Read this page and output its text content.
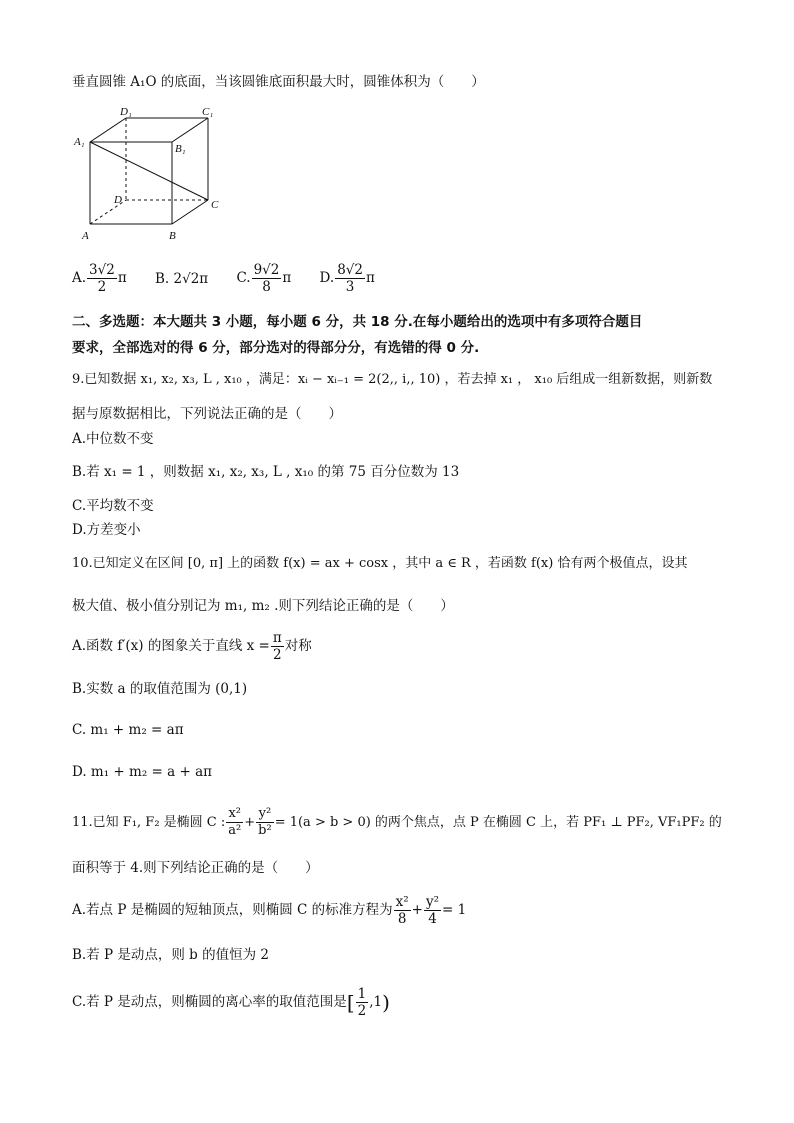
垂直圆锥 A₁O 的底面，当该圆锥底面积最大时，圆锥体积为（　　）
D₁	C₁
A₁
B₁
D	C
A	B
A. $\frac{3√2}{2}$ π B. 2√2π C. $\frac{9√2}{8}$ π D. $\frac{8√2}{3}$ π
二、多选题：本大题共 3 小题，每小题 6 分，共 18 分.在每小题给出的选项中有多项符合题目
要求，全部选对的得 6 分，部分选对的得部分分，有选错的得 0 分.
9.已知数据 x₁, x₂, x₃, L , x₁₀ ，满足：xᵢ − xᵢ₋₁ = 2(2,, i,, 10) ，若去掉 x₁ ， x₁₀ 后组成一组新数据，则新数
据与原数据相比，下列说法正确的是（　　）
A.中位数不变
B.若 x₁ = 1 ，则数据 x₁, x₂, x₃, L , x₁₀ 的第 75 百分位数为 13
C.平均数不变
D.方差变小
10.已知定义在区间 [0, π] 上的函数 f(x) = ax + cosx ，其中 a ∈ R ，若函数 f(x) 恰有两个极值点，设其
极大值、极小值分别记为 m₁, m₂ .则下列结论正确的是（　　）
A.函数 f′(x) 的图象关于直线 $x = \frac{\pi}{2}$ 对称
B.实数 a 的取值范围为 (0,1)
C. m₁ + m₂ = aπ
D. m₁ + m₂ = a + aπ
11.已知 F₁, F₂ 是椭圆 C : $\frac{\text{x²}}{\text{a²}} + \frac{\text{y²}}{\text{b²}} = 1(a > b > 0)$ 的两个焦点，点 P 在椭圆 C 上，若 PF₁ ⊥ PF₂, VF₁PF₂ 的
面积等于 4.则下列结论正确的是（　　）
A.若点 P 是椭圆的短轴顶点，则椭圆 C 的标准方程为 $\frac{\text{x²}}{8} + \frac{\text{y²}}{4} = 1$
B.若 P 是动点，则 b 的值恒为 2
C.若 P 是动点，则椭圆的离心率的取值范围是[ $\frac{1}{2} ,1$)
